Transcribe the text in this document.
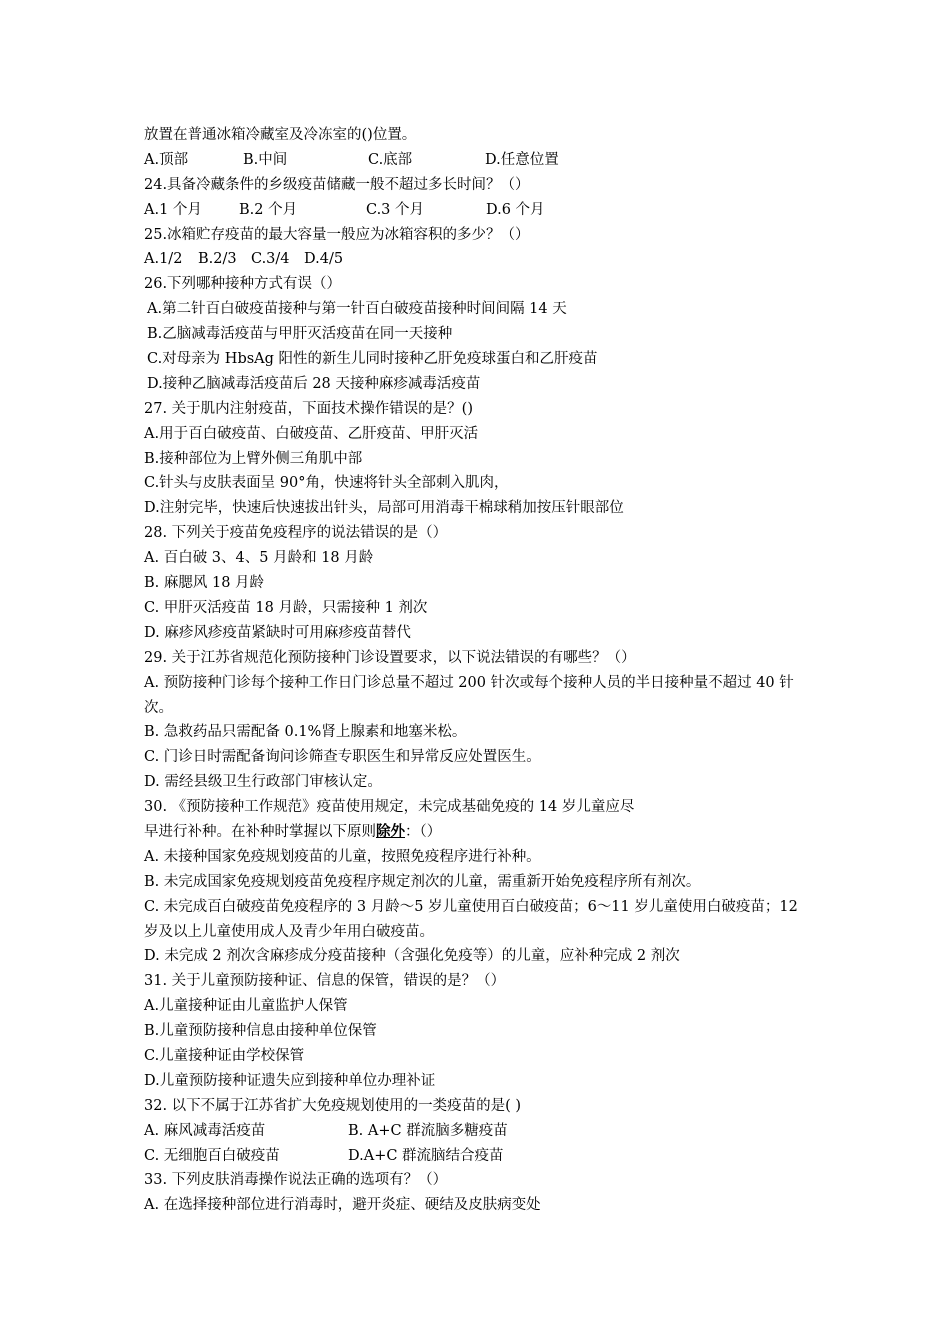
放置在普通冰箱冷藏室及冷冻室的()位置。
A.顶部	B.中间	C.底部	D.任意位置
24.具备冷藏条件的乡级疫苗储藏一般不超过多长时间？（）
A.1 个月	B.2 个月	C.3 个月	D.6 个月
25.冰箱贮存疫苗的最大容量一般应为冰箱容积的多少？（）
A.1/2 B.2/3 C.3/4 D.4/5
26.下列哪种接种方式有误（）
A.第二针百白破疫苗接种与第一针百白破疫苗接种时间间隔 14 天
B.乙脑减毒活疫苗与甲肝灭活疫苗在同一天接种
C.对母亲为 HbsAg 阳性的新生儿同时接种乙肝免疫球蛋白和乙肝疫苗
D.接种乙脑减毒活疫苗后 28 天接种麻疹减毒活疫苗
27. 关于肌内注射疫苗，下面技术操作错误的是？()
A.用于百白破疫苗、白破疫苗、乙肝疫苗、甲肝灭活
B.接种部位为上臂外侧三角肌中部
C.针头与皮肤表面呈 90°角，快速将针头全部刺入肌肉，
D.注射完毕，快速后快速拔出针头，局部可用消毒干棉球稍加按压针眼部位
28. 下列关于疫苗免疫程序的说法错误的是（）
A. 百白破 3、4、5 月龄和 18 月龄
B. 麻腮风 18 月龄
C. 甲肝灭活疫苗 18 月龄，只需接种 1 剂次
D. 麻疹风疹疫苗紧缺时可用麻疹疫苗替代
29. 关于江苏省规范化预防接种门诊设置要求，以下说法错误的有哪些？（）
A. 预防接种门诊每个接种工作日门诊总量不超过 200 针次或每个接种人员的半日接种量不超过 40 针次。
B. 急救药品只需配备 0.1%肾上腺素和地塞米松。
C. 门诊日时需配备询问诊筛查专职医生和异常反应处置医生。
D. 需经县级卫生行政部门审核认定。
30. 《预防接种工作规范》疫苗使用规定，未完成基础免疫的 14 岁儿童应尽
早进行补种。在补种时掌握以下原则除外：（）
A. 未接种国家免疫规划疫苗的儿童，按照免疫程序进行补种。
B. 未完成国家免疫规划疫苗免疫程序规定剂次的儿童，需重新开始免疫程序所有剂次。
C. 未完成百白破疫苗免疫程序的 3 月龄～5 岁儿童使用百白破疫苗；6～11 岁儿童使用白破疫苗；12 岁及以上儿童使用成人及青少年用白破疫苗。
D. 未完成 2 剂次含麻疹成分疫苗接种（含强化免疫等）的儿童，应补种完成 2 剂次
31. 关于儿童预防接种证、信息的保管，错误的是？（）
A.儿童接种证由儿童监护人保管
B.儿童预防接种信息由接种单位保管
C.儿童接种证由学校保管
D.儿童预防接种证遗失应到接种单位办理补证
32. 以下不属于江苏省扩大免疫规划使用的一类疫苗的是( )
A. 麻风减毒活疫苗	B. A+C 群流脑多糖疫苗
C. 无细胞百白破疫苗	D.A+C 群流脑结合疫苗
33. 下列皮肤消毒操作说法正确的选项有？（）
A. 在选择接种部位进行消毒时，避开炎症、硬结及皮肤病变处
